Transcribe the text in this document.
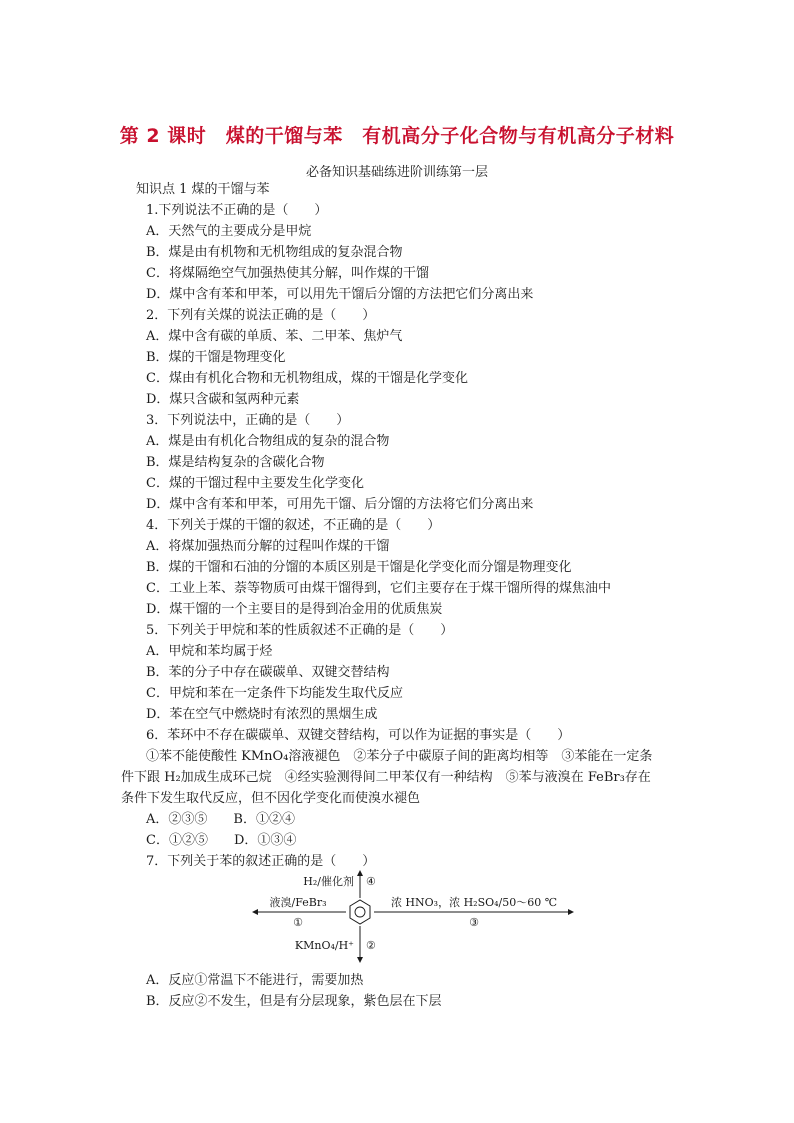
第 2 课时　煤的干馏与苯　有机高分子化合物与有机高分子材料
必备知识基础练进阶训练第一层
知识点 1 煤的干馏与苯
1.下列说法不正确的是（　　）
A．天然气的主要成分是甲烷
B．煤是由有机物和无机物组成的复杂混合物
C．将煤隔绝空气加强热使其分解，叫作煤的干馏
D．煤中含有苯和甲苯，可以用先干馏后分馏的方法把它们分离出来
2．下列有关煤的说法正确的是（　　）
A．煤中含有碳的单质、苯、二甲苯、焦炉气
B．煤的干馏是物理变化
C．煤由有机化合物和无机物组成，煤的干馏是化学变化
D．煤只含碳和氢两种元素
3．下列说法中，正确的是（　　）
A．煤是由有机化合物组成的复杂的混合物
B．煤是结构复杂的含碳化合物
C．煤的干馏过程中主要发生化学变化
D．煤中含有苯和甲苯，可用先干馏、后分馏的方法将它们分离出来
4．下列关于煤的干馏的叙述，不正确的是（　　）
A．将煤加强热而分解的过程叫作煤的干馏
B．煤的干馏和石油的分馏的本质区别是干馏是化学变化而分馏是物理变化
C．工业上苯、萘等物质可由煤干馏得到，它们主要存在于煤干馏所得的煤焦油中
D．煤干馏的一个主要目的是得到冶金用的优质焦炭
5．下列关于甲烷和苯的性质叙述不正确的是（　　）
A．甲烷和苯均属于烃
B．苯的分子中存在碳碳单、双键交替结构
C．甲烷和苯在一定条件下均能发生取代反应
D．苯在空气中燃烧时有浓烈的黑烟生成
6．苯环中不存在碳碳单、双键交替结构，可以作为证据的事实是（　　）
①苯不能使酸性 KMnO₄溶液褪色　②苯分子中碳原子间的距离均相等　③苯能在一定条
件下跟 H₂加成生成环己烷　④经实验测得间二甲苯仅有一种结构　⑤苯与液溴在 FeBr₃存在
条件下发生取代反应，但不因化学变化而使溴水褪色
A．②③⑤　　B．①②④
C．①②⑤　　D．①③④
7．下列关于苯的叙述正确的是（　　）
H₂/催化剂 ④
液溴/FeBr₃
①
浓 HNO₃，浓 H₂SO₄/50～60 ℃
③
KMnO₄/H⁺ ②
A．反应①常温下不能进行，需要加热
B．反应②不发生，但是有分层现象，紫色层在下层
